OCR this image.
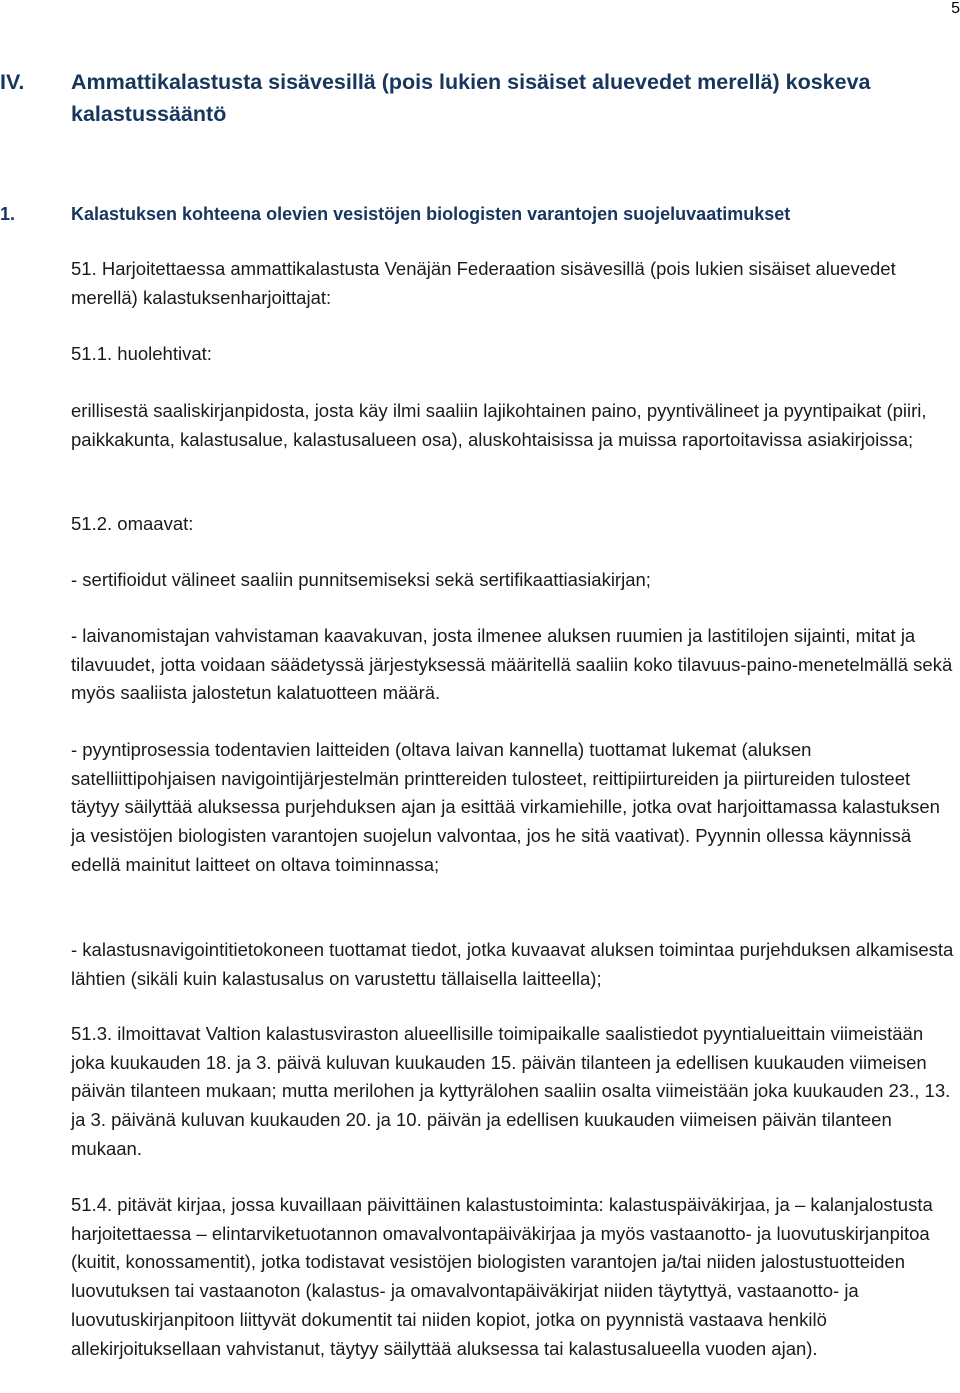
5
IV. Ammattikalastusta sisävesillä (pois lukien sisäiset aluevedet merellä) koskeva kalastussääntö
1.	Kalastuksen kohteena olevien vesistöjen biologisten varantojen suojeluvaatimukset

51. Harjoitettaessa ammattikalastusta Venäjän Federaation sisävesillä (pois lukien sisäiset aluevedet merellä) kalastuksenharjoittajat:

51.1. huolehtivat:

erillisestä saaliskirjanpidosta, josta käy ilmi saaliin lajikohtainen paino, pyyntivälineet ja pyyntipaikat (piiri, paikkakunta, kalastusalue, kalastusalueen osa), aluskohtaisissa ja muissa raportoitavissa asiakirjoissa;

51.2. omaavat:

- sertifioidut välineet saaliin punnitsemiseksi sekä sertifikaattiasiakirjan;

- laivanomistajan vahvistaman kaavakuvan, josta ilmenee aluksen ruumien ja lastitilojen sijainti, mitat ja tilavuudet, jotta voidaan säädetyssä järjestyksessä määritellä saaliin koko tilavuus-paino-menetelmällä sekä myös saaliista jalostetun kalatuotteen määrä.

- pyyntiprosessia todentavien laitteiden (oltava laivan kannella) tuottamat lukemat (aluksen satelliittipohjaisen navigointijärjestelmän printtereiden tulosteet, reittipiirtureiden ja piirtureiden tulosteet täytyy säilyttää aluksessa purjehduksen ajan ja esittää virkamiehille, jotka ovat harjoittamassa kalastuksen ja vesistöjen biologisten varantojen suojelun valvontaa, jos he sitä vaativat). Pyynnin ollessa käynnissä edellä mainitut laitteet on oltava toiminnassa;

- kalastusnavigointitietokoneen tuottamat tiedot, jotka kuvaavat aluksen toimintaa purjehduksen alkamisesta lähtien (sikäli kuin kalastusalus on varustettu tällaisella laitteella);

51.3. ilmoittavat Valtion kalastusviraston alueellisille toimipaikalle saalistiedot pyyntialueittain viimeistään joka kuukauden 18. ja 3. päivä kuluvan kuukauden 15. päivän tilanteen ja edellisen kuukauden viimeisen päivän tilanteen mukaan; mutta merilohen ja kyttyrälohen saaliin osalta viimeistään joka kuukauden 23., 13. ja 3. päivänä kuluvan kuukauden 20. ja 10. päivän ja edellisen kuukauden viimeisen päivän tilanteen mukaan.

51.4. pitävät kirjaa, jossa kuvaillaan päivittäinen kalastustoiminta: kalastuspäiväkirjaa, ja – kalanjalostusta harjoitettaessa – elintarviketuotannon omavalvontapäiväkirjaa ja myös vastaanotto- ja luovutuskirjanpitoa (kuitit, konossamentit), jotka todistavat vesistöjen biologisten varantojen ja/tai niiden jalostustuotteiden luovutuksen tai vastaanoton (kalastus- ja omavalvontapäiväkirjat niiden täytyttyä, vastaanotto- ja luovutuskirjanpitoon liittyvät dokumentit tai niiden kopiot, jotka on pyynnistä vastaava henkilö allekirjoituksellaan vahvistanut, täytyy säilyttää aluksessa tai kalastusalueella vuoden ajan).
